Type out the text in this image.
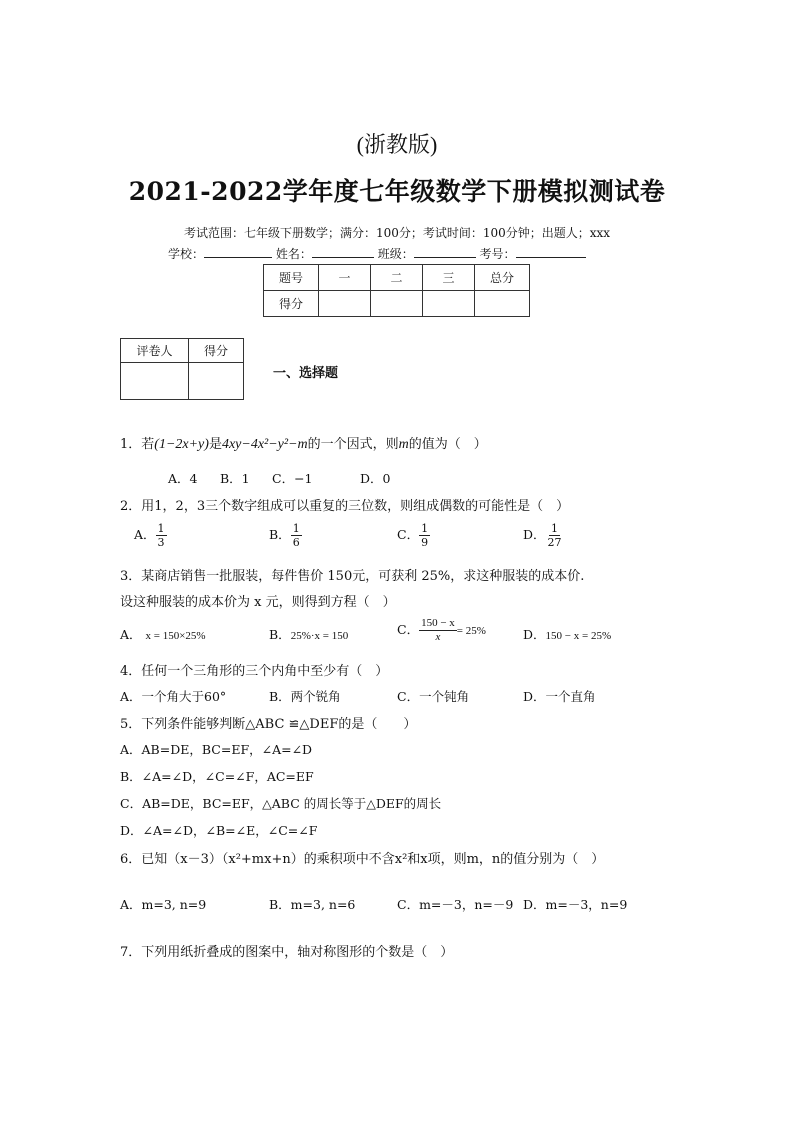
(浙教版)
2021-2022学年度七年级数学下册模拟测试卷
考试范围：七年级下册数学；满分：100分；考试时间：100分钟；出题人；xxx
学校：	姓名：	班级：	考号：
题号	一	二	三	总分
得分				
评卷人	得分

一、选择题
1．若(1−2x+y)是4xy−4x²−y²−m的一个因式，则m的值为（　）
A．4 B．1 C．−1	D．0
2．用1，2，3三个数字组成可以重复的三位数，则组成偶数的可能性是（　）
A． $\frac{1}{3}$	B． $\frac{1}{6}$	C． $\frac{1}{9}$	D． $\frac{1}{27}$
3．某商店销售一批服装，每件售价 150元，可获利 25%，求这种服装的成本价.
设这种服装的成本价为 x 元，则得到方程（　）
A． x = 150×25%	B．25%·x = 150	C． $\frac{150 - x}{x} = 25\%$	D．150 − x = 25%
4．任何一个三角形的三个内角中至少有（　）
A．一个角大于60°	B．两个锐角	C．一个钝角	D．一个直角
5．下列条件能够判断△ABC ≌△DEF的是（　　）
A．AB=DE，BC=EF，∠A=∠D
B．∠A=∠D，∠C=∠F，AC=EF
C．AB=DE，BC=EF，△ABC 的周长等于△DEF的周长
D．∠A=∠D，∠B=∠E，∠C=∠F
6．已知（x－3）（x²+mx+n）的乘积项中不含x²和x项，则m，n的值分别为（　）
A．m=3, n=9	B．m=3, n=6	C．m=－3，n=－9 D．m=－3，n=9
7．下列用纸折叠成的图案中，轴对称图形的个数是（　）
